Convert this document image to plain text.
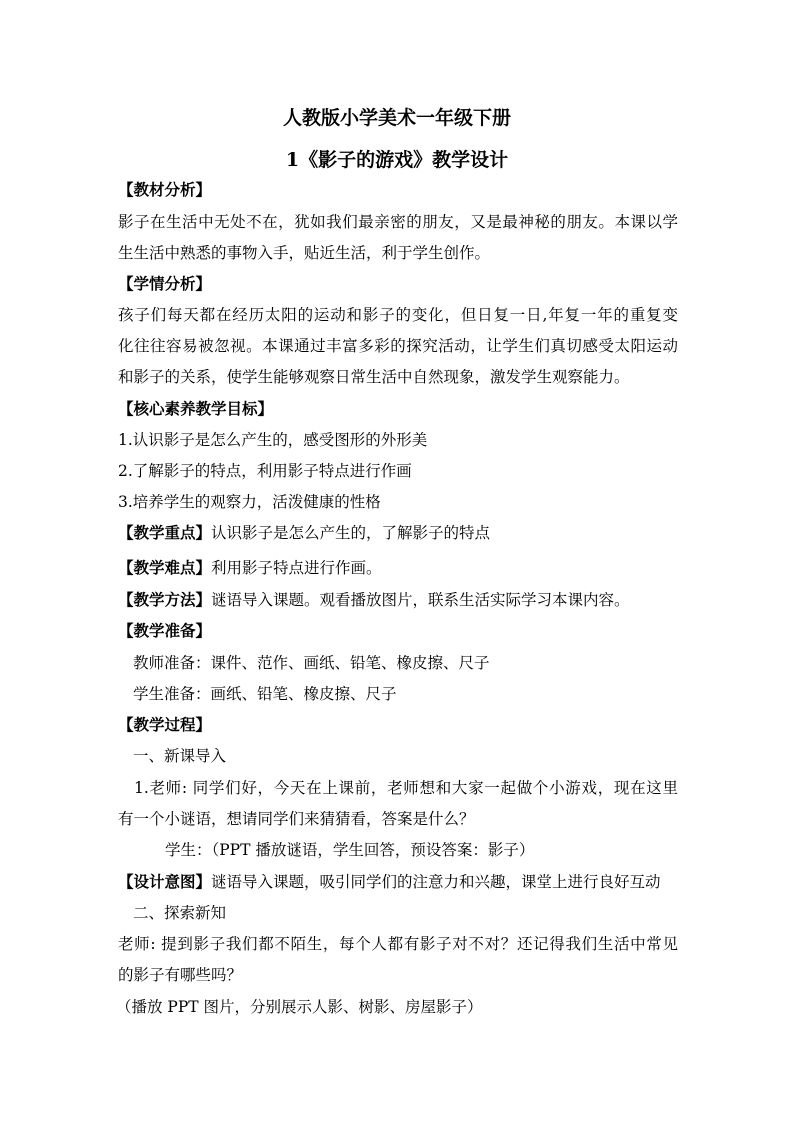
人教版小学美术一年级下册
1《影子的游戏》教学设计
【教材分析】
影子在生活中无处不在，犹如我们最亲密的朋友，又是最神秘的朋友。本课以学
生生活中熟悉的事物入手，贴近生活，利于学生创作。
【学情分析】
孩子们每天都在经历太阳的运动和影子的变化，但日复一日,年复一年的重复变
化往往容易被忽视。本课通过丰富多彩的探究活动，让学生们真切感受太阳运动
和影子的关系，使学生能够观察日常生活中自然现象，激发学生观察能力。
【核心素养教学目标】
1.认识影子是怎么产生的，感受图形的外形美
2.了解影子的特点，利用影子特点进行作画
3.培养学生的观察力，活泼健康的性格
【教学重点】认识影子是怎么产生的，了解影子的特点
【教学难点】利用影子特点进行作画。
【教学方法】谜语导入课题。观看播放图片，联系生活实际学习本课内容。
【教学准备】
教师准备：课件、范作、画纸、铅笔、橡皮擦、尺子
学生准备：画纸、铅笔、橡皮擦、尺子
【教学过程】
一、新课导入
1.老师: 同学们好，今天在上课前，老师想和大家一起做个小游戏，现在这里
有一个小谜语，想请同学们来猜猜看，答案是什么？
学生：（PPT 播放谜语，学生回答，预设答案：影子）
【设计意图】谜语导入课题，吸引同学们的注意力和兴趣，课堂上进行良好互动
二、探索新知
老师: 提到影子我们都不陌生，每个人都有影子对不对？还记得我们生活中常见
的影子有哪些吗？
（播放 PPT 图片，分别展示人影、树影、房屋影子）
